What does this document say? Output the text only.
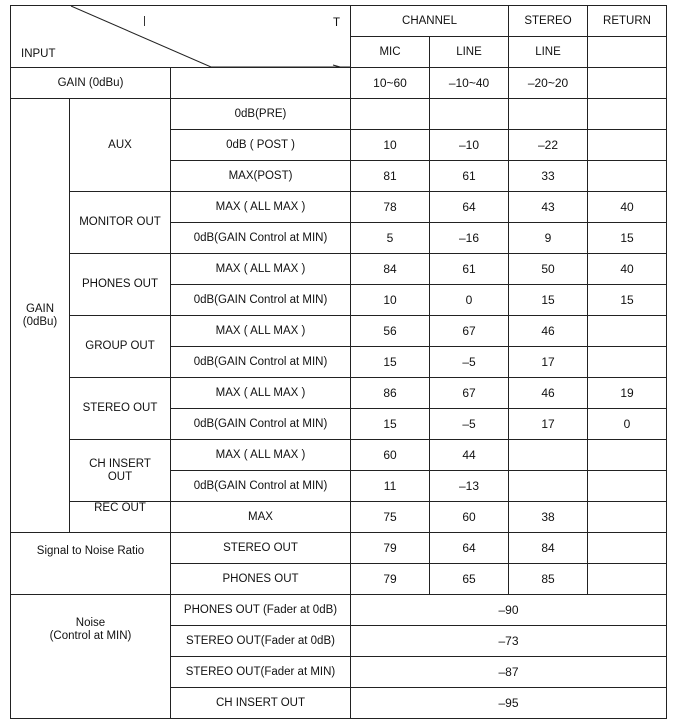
T
INPUT			CHANNEL		STEREO	RETURN
			MIC	LINE	LINE	
GAIN (0dBu)			10~60	–10~40	–20~20	
GAIN
(0dBu)	AUX	0dB(PRE)				
		0dB ( POST )	10	–10	–22	
		MAX(POST)	81	61	33	
	MONITOR OUT	MAX ( ALL MAX )	78	64	43	40
		0dB(GAIN Control at MIN)	5	–16	9	15
	PHONES OUT	MAX ( ALL MAX )	84	61	50	40
		0dB(GAIN Control at MIN)	10	0	15	15
	GROUP OUT	MAX ( ALL MAX )	56	67	46	
		0dB(GAIN Control at MIN)	15	–5	17	
	STEREO OUT	MAX ( ALL MAX )	86	67	46	19
		0dB(GAIN Control at MIN)	15	–5	17	0
	CH INSERT
OUT	MAX ( ALL MAX )	60	44		
		0dB(GAIN Control at MIN)	11	–13		
	REC OUT	MAX	75	60	38	
Signal to Noise Ratio		STEREO OUT	79	64	84	
		PHONES OUT	79	65	85	
Noise
(Control at MIN)		PHONES OUT (Fader at 0dB)	–90			
		STEREO OUT(Fader at 0dB)	–73			
		STEREO OUT(Fader at MIN)	–87			
		CH INSERT OUT	–95			
